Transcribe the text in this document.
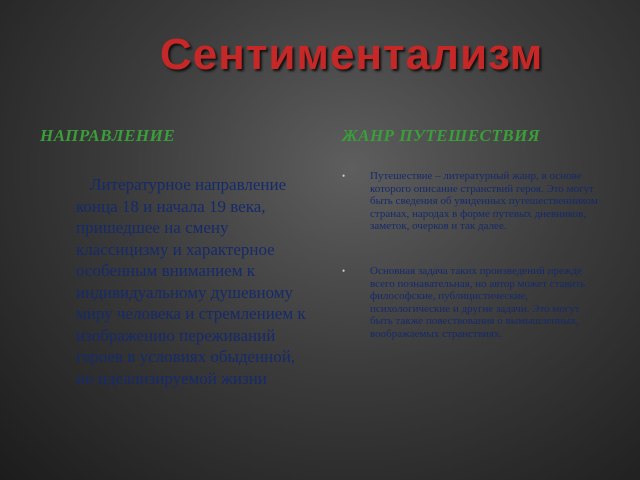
Сентиментализм
НАПРАВЛЕНИЕ	ЖАНР ПУТЕШЕСТВИЯ
Литературное направление конца 18 и начала 19 века, пришедшее на смену классицизму и характерное особенным вниманием к индивидуальному душевному миру человека и стремлением к изображению переживаний героев в условиях обыденной, но идеализируемой жизни
• Путешествие – литературный жанр, в основе которого описание странствий героя. Это могут быть сведения об увиденных путешественником странах, народах в форме путевых дневников, заметок, очерков и так далее.
• Основная задача таких произведений прежде всего познавательная, но автор может ставить философские, публицистические, психологические и другие задачи. Это могут быть также повествования о вымышленных, воображаемых странствиях.
